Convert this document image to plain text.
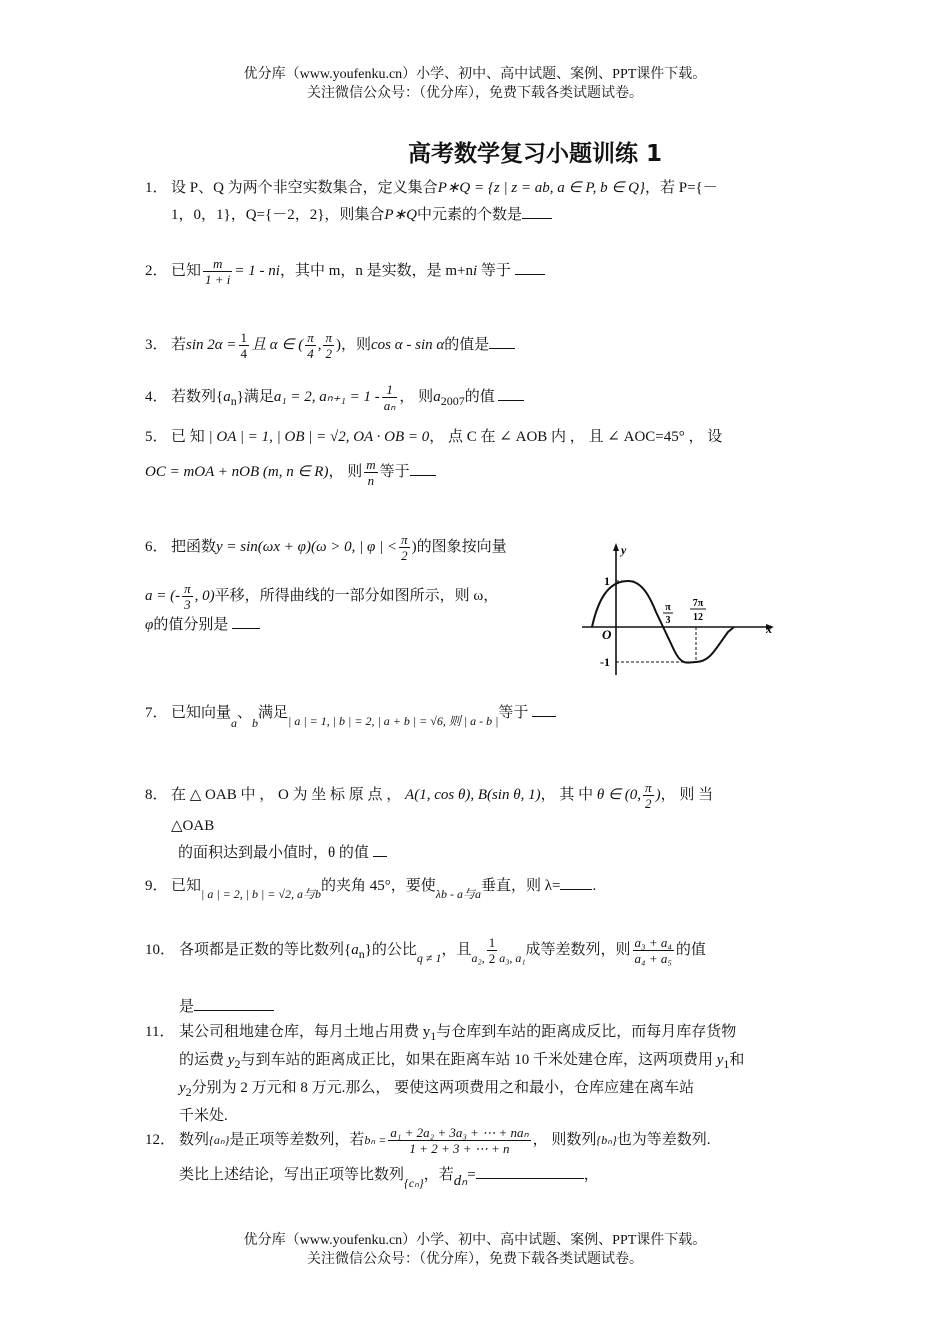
优分库（www.youfenku.cn）小学、初中、高中试题、案例、PPT课件下载。
关注微信公众号：（优分库），免费下载各类试题试卷。
高考数学复习小题训练 1
1． 设 P、Q 为两个非空实数集合，定义集合P∗Q = {z | z = ab, a ∈ P, b ∈ Q}，若 P={－
1，0，1}，Q={－2，2}，则集合P∗Q中元素的个数是
2． 已知 $\frac{m}{1 + i} = 1$ - ni，其中 m，n 是实数，是 m+ni 等于
3． 若$\sin 2\alpha = \frac{1}{4}$ 且 α ∈ ( $\frac{\pi}{4}$ , $\frac{\pi}{2}$ )，则cos α - sin α的值是
4． 若数列$\{a_n\}$满足a₁ = 2, $a_{n+1} = 1 - \frac{1}{\text{aₙ}}$ ， 则$a_{2007}$的值
5． 已 知 | OA | = 1, | OB | = √2, OA · OB = 0， 点 C 在 ∠ AOB 内 ， 且 ∠ AOC=45° ， 设
OC = mOA + nOB (m, n ∈ R)， 则 $\frac{m}{n}$ 等于
6． 把函数y = sin(ωx + φ)(ω > 0, | φ | < $\frac{\pi}{2}$ )的图象按向量
a = (- $\frac{\pi}{3}$ , 0)平移，所得曲线的一部分如图所示，则 ω，
φ的值分别是
y
x
O
1
-1
π
3
7π
12
7． 已知向量$_a$、$_b$满足$_{| a | = 1, | b | = 2, | a + b | = √6, 则 | a - b |}$等于
8． 在 △ OAB 中 ， O 为 坐 标 原 点 ， A(1, cos θ), B(sin θ, 1)， 其 中 θ ∈ (0, $\frac{\pi}{2}$ )， 则 当
△OAB
的面积达到最小值时，θ 的值
9． 已知$_{| a | = 2, | b | = √2, a与b}$的夹角 45°，要使$_{\lambda b - a与a}$垂直，则 λ= .
10． 各项都是正数的等比数列$\{a_n\}$的公比$_{q \ne 1}$，且$_{a_2,} \frac{1}{2} _{a_3, a_1}$成等差数列，则 $\frac{\text{a₃ + a₄}}{\text{a₄ + a₅}}$ 的值
是
11． 某公司租地建仓库，每月土地占用费 $y_1$与仓库到车站的距离成反比，而每月库存货物
的运费 $y_2$与到车站的距离成正比，如果在距离车站 10 千米处建仓库，这两项费用 $y_1$和
$y_2$分别为 2 万元和 8 万元.那么， 要使这两项费用之和最小，仓库应建在离车站
千米处.
12． 数列{aₙ}是正项等差数列，若$b_n = \frac{\text{a₁ + 2a₂ + 3a₃ + ⋯ + naₙ}}{1 + 2 + 3 + \cdots + n}$ ， 则数列{bₙ}也为等差数列.
类比上述结论，写出正项等比数列$_{\{c_n\}}$，若dₙ=	，
优分库（www.youfenku.cn）小学、初中、高中试题、案例、PPT课件下载。
关注微信公众号：（优分库），免费下载各类试题试卷。
